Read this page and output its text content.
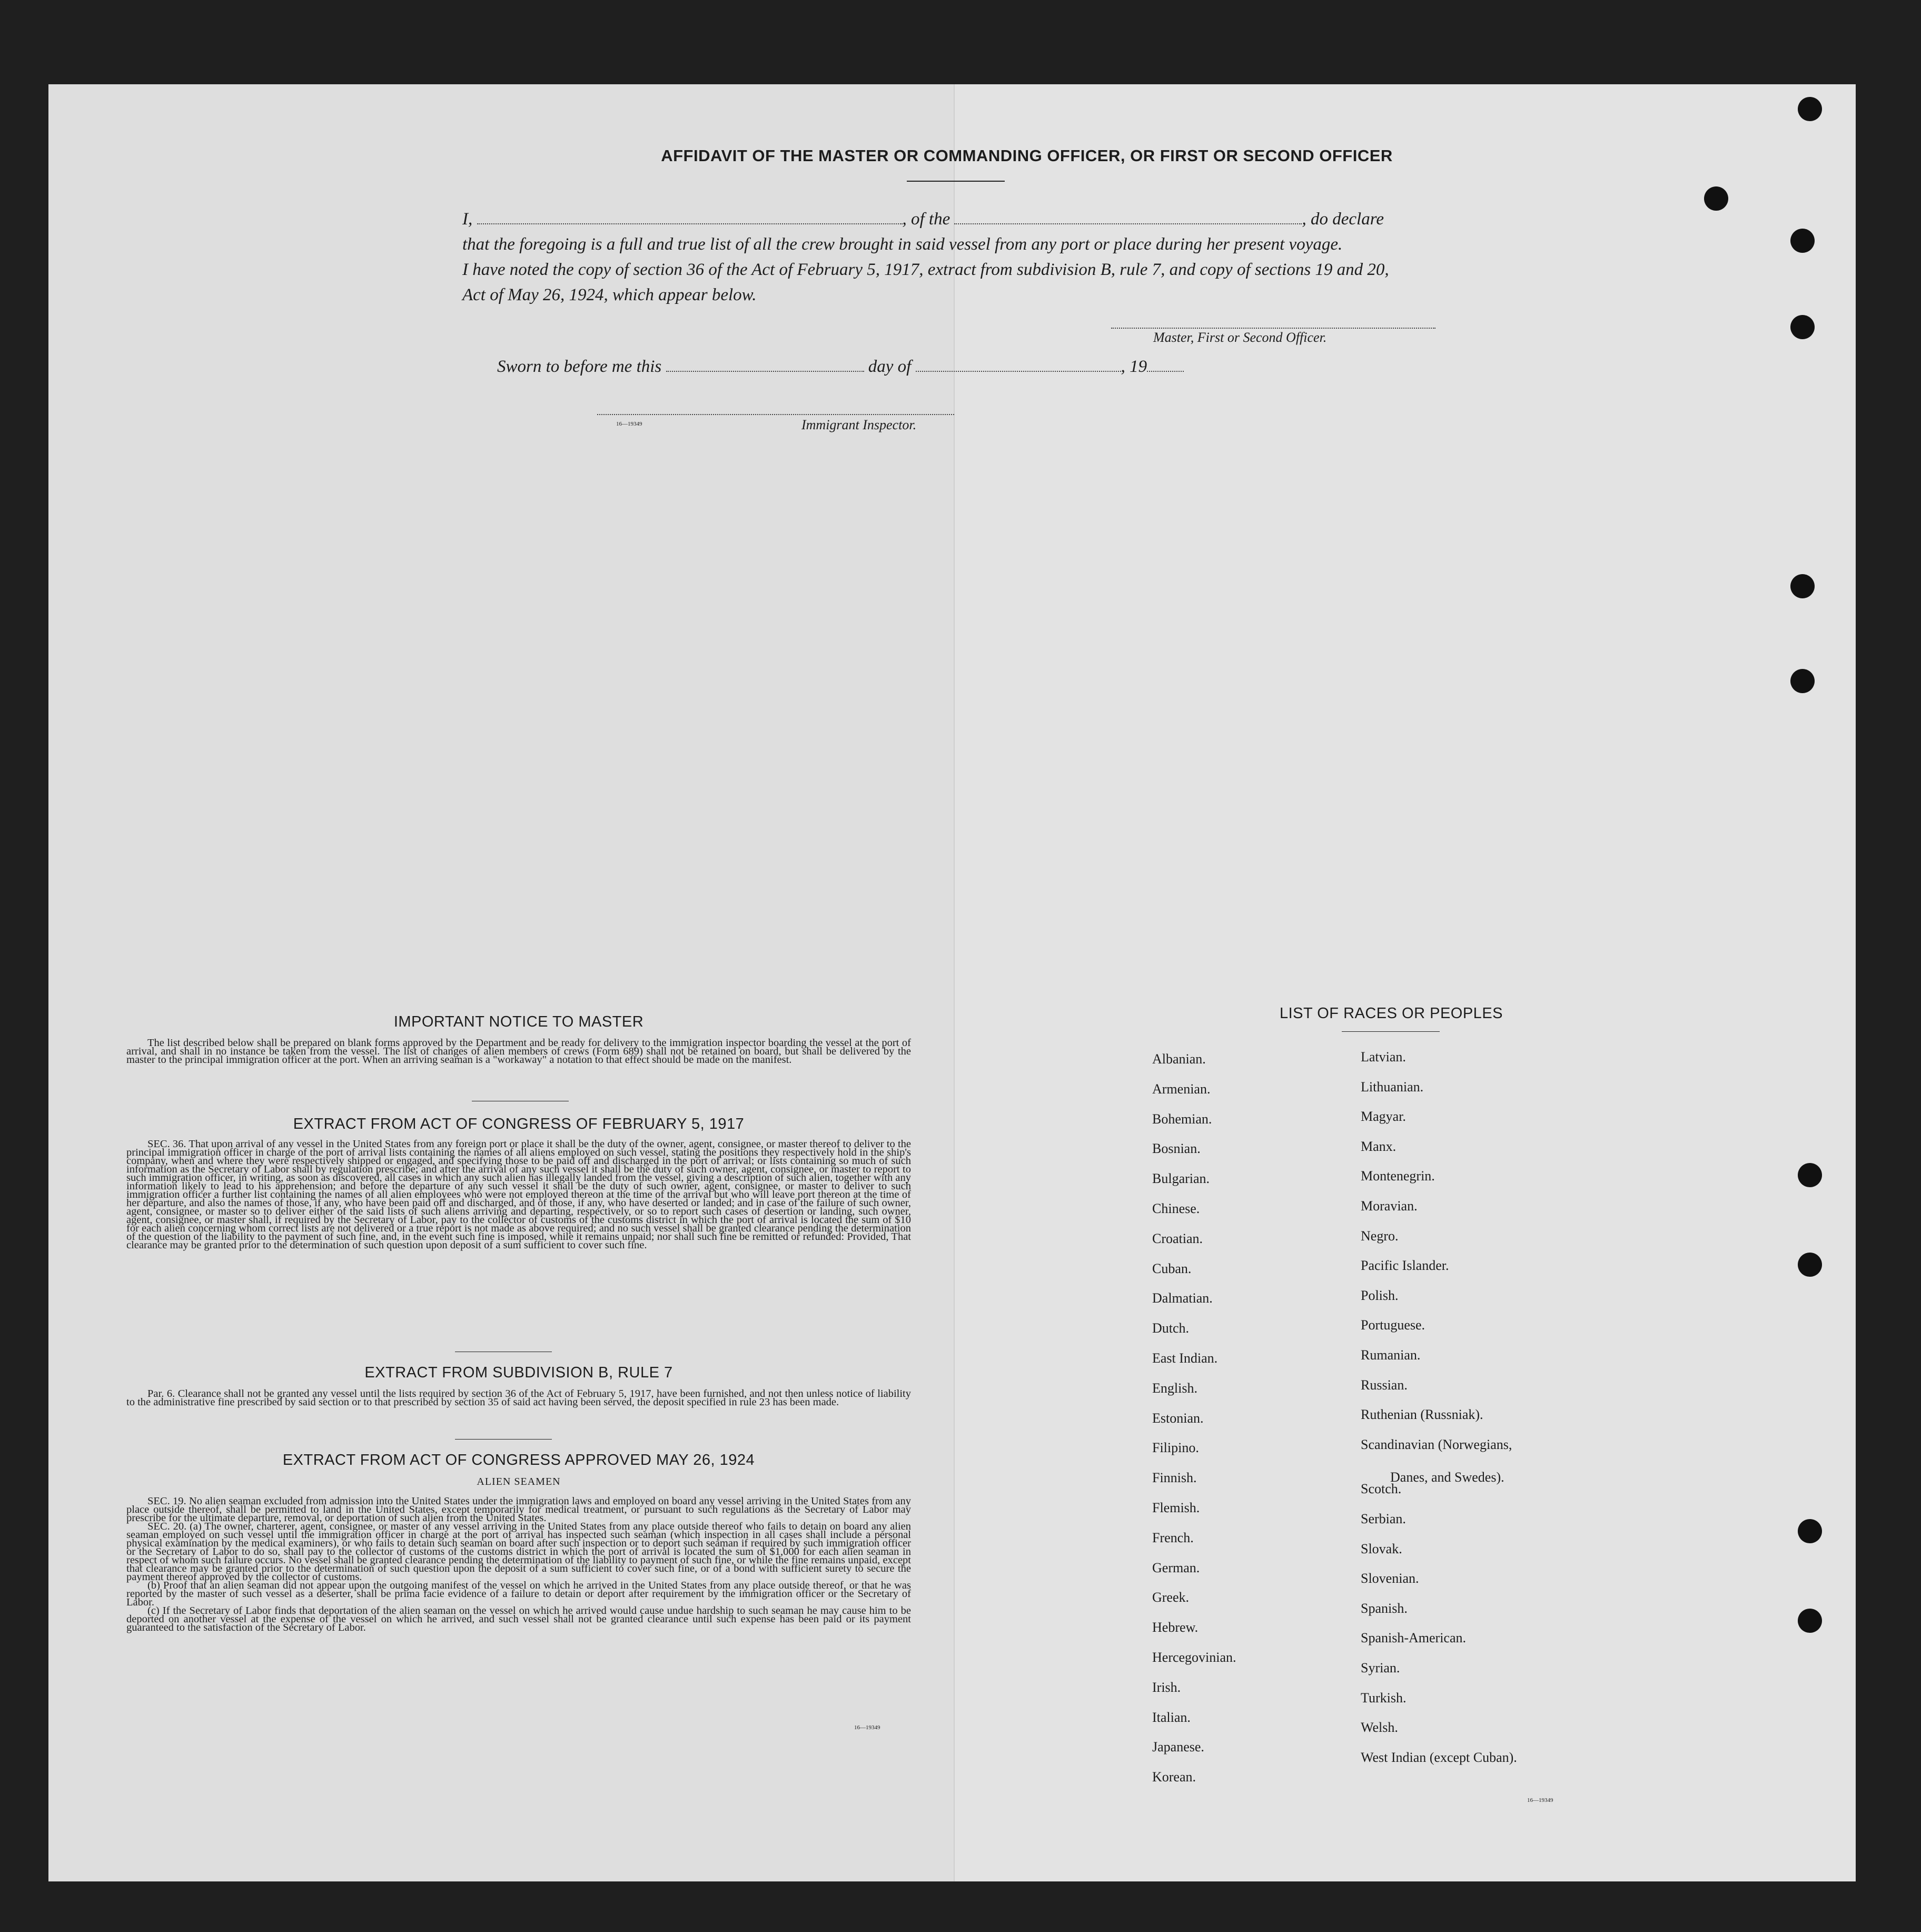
AFFIDAVIT OF THE MASTER OR COMMANDING OFFICER, OR FIRST OR SECOND OFFICER
I,	, of the	, do declare
that the foregoing is a full and true list of all the crew brought in said vessel from any port or place during her present voyage.
I have noted the copy of section 36 of the Act of February 5, 1917, extract from subdivision B, rule 7, and copy of sections 19 and 20,
Act of May 26, 1924, which appear below.
Master, First or Second Officer.
Sworn to before me this	day of	, 19
16—19349	Immigrant Inspector.
IMPORTANT NOTICE TO MASTER

The list described below shall be prepared on blank forms approved by the Department and be ready for delivery to the immigration inspector boarding the vessel at the port of arrival, and shall in no instance be taken from the vessel. The list of changes of alien members of crews (Form 689) shall not be retained on board, but shall be delivered by the master to the principal immigration officer at the port. When an arriving seaman is a "workaway" a notation to that effect should be made on the manifest.

EXTRACT FROM ACT OF CONGRESS OF FEBRUARY 5, 1917

SEC. 36. That upon arrival of any vessel in the United States from any foreign port or place it shall be the duty of the owner, agent, consignee, or master thereof to deliver to the principal immigration officer in charge of the port of arrival lists containing the names of all aliens employed on such vessel, stating the positions they respectively hold in the ship's company, when and where they were respectively shipped or engaged, and specifying those to be paid off and discharged in the port of arrival; or lists containing so much of such information as the Secretary of Labor shall by regulation prescribe; and after the arrival of any such vessel it shall be the duty of such owner, agent, consignee, or master to report to such immigration officer, in writing, as soon as discovered, all cases in which any such alien has illegally landed from the vessel, giving a description of such alien, together with any information likely to lead to his apprehension; and before the departure of any such vessel it shall be the duty of such owner, agent, consignee, or master to deliver to such immigration officer a further list containing the names of all alien employees who were not employed thereon at the time of the arrival but who will leave port thereon at the time of her departure, and also the names of those, if any, who have been paid off and discharged, and of those, if any, who have deserted or landed; and in case of the failure of such owner, agent, consignee, or master so to deliver either of the said lists of such aliens arriving and departing, respectively, or so to report such cases of desertion or landing, such owner, agent, consignee, or master shall, if required by the Secretary of Labor, pay to the collector of customs of the customs district in which the port of arrival is located the sum of $10 for each alien concerning whom correct lists are not delivered or a true report is not made as above required; and no such vessel shall be granted clearance pending the determination of the question of the liability to the payment of such fine, and, in the event such fine is imposed, while it remains unpaid; nor shall such fine be remitted or refunded: Provided, That clearance may be granted prior to the determination of such question upon deposit of a sum sufficient to cover such fine.

EXTRACT FROM SUBDIVISION B, RULE 7

Par. 6. Clearance shall not be granted any vessel until the lists required by section 36 of the Act of February 5, 1917, have been furnished, and not then unless notice of liability to the administrative fine prescribed by said section or to that prescribed by section 35 of said act having been served, the deposit specified in rule 23 has been made.

EXTRACT FROM ACT OF CONGRESS APPROVED MAY 26, 1924
ALIEN SEAMEN

SEC. 19. No alien seaman excluded from admission into the United States under the immigration laws and employed on board any vessel arriving in the United States from any place outside thereof, shall be permitted to land in the United States, except temporarily for medical treatment, or pursuant to such regulations as the Secretary of Labor may prescribe for the ultimate departure, removal, or deportation of such alien from the United States.

SEC. 20. (a) The owner, charterer, agent, consignee, or master of any vessel arriving in the United States from any place outside thereof who fails to detain on board any alien seaman employed on such vessel until the immigration officer in charge at the port of arrival has inspected such seaman (which inspection in all cases shall include a personal physical examination by the medical examiners), or who fails to detain such seaman on board after such inspection or to deport such seaman if required by such immigration officer or the Secretary of Labor to do so, shall pay to the collector of customs of the customs district in which the port of arrival is located the sum of $1,000 for each alien seaman in respect of whom such failure occurs. No vessel shall be granted clearance pending the determination of the liability to payment of such fine, or while the fine remains unpaid, except that clearance may be granted prior to the determination of such question upon the deposit of a sum sufficient to cover such fine, or of a bond with sufficient surety to secure the payment thereof approved by the collector of customs.

(b) Proof that an alien seaman did not appear upon the outgoing manifest of the vessel on which he arrived in the United States from any place outside thereof, or that he was reported by the master of such vessel as a deserter, shall be prima facie evidence of a failure to detain or deport after requirement by the immigration officer or the Secretary of Labor.

(c) If the Secretary of Labor finds that deportation of the alien seaman on the vessel on which he arrived would cause undue hardship to such seaman he may cause him to be deported on another vessel at the expense of the vessel on which he arrived, and such vessel shall not be granted clearance until such expense has been paid or its payment guaranteed to the satisfaction of the Secretary of Labor.

16—19349
LIST OF RACES OR PEOPLES
Albanian.
Armenian.
Bohemian.
Bosnian.
Bulgarian.
Chinese.
Croatian.
Cuban.
Dalmatian.
Dutch.
East Indian.
English.
Estonian.
Filipino.
Finnish.
Flemish.
French.
German.
Greek.
Hebrew.
Hercegovinian.
Irish.
Italian.
Japanese.
Korean.
Latvian.
Lithuanian.
Magyar.
Manx.
Montenegrin.
Moravian.
Negro.
Pacific Islander.
Polish.
Portuguese.
Rumanian.
Russian.
Ruthenian (Russniak).
Scandinavian (Norwegians,
Scotch.
Serbian.
Slovak.
Slovenian.
Spanish.
Spanish-American.
Syrian.
Turkish.
Welsh.
West Indian (except Cuban).
Danes, and Swedes).
16—19349
